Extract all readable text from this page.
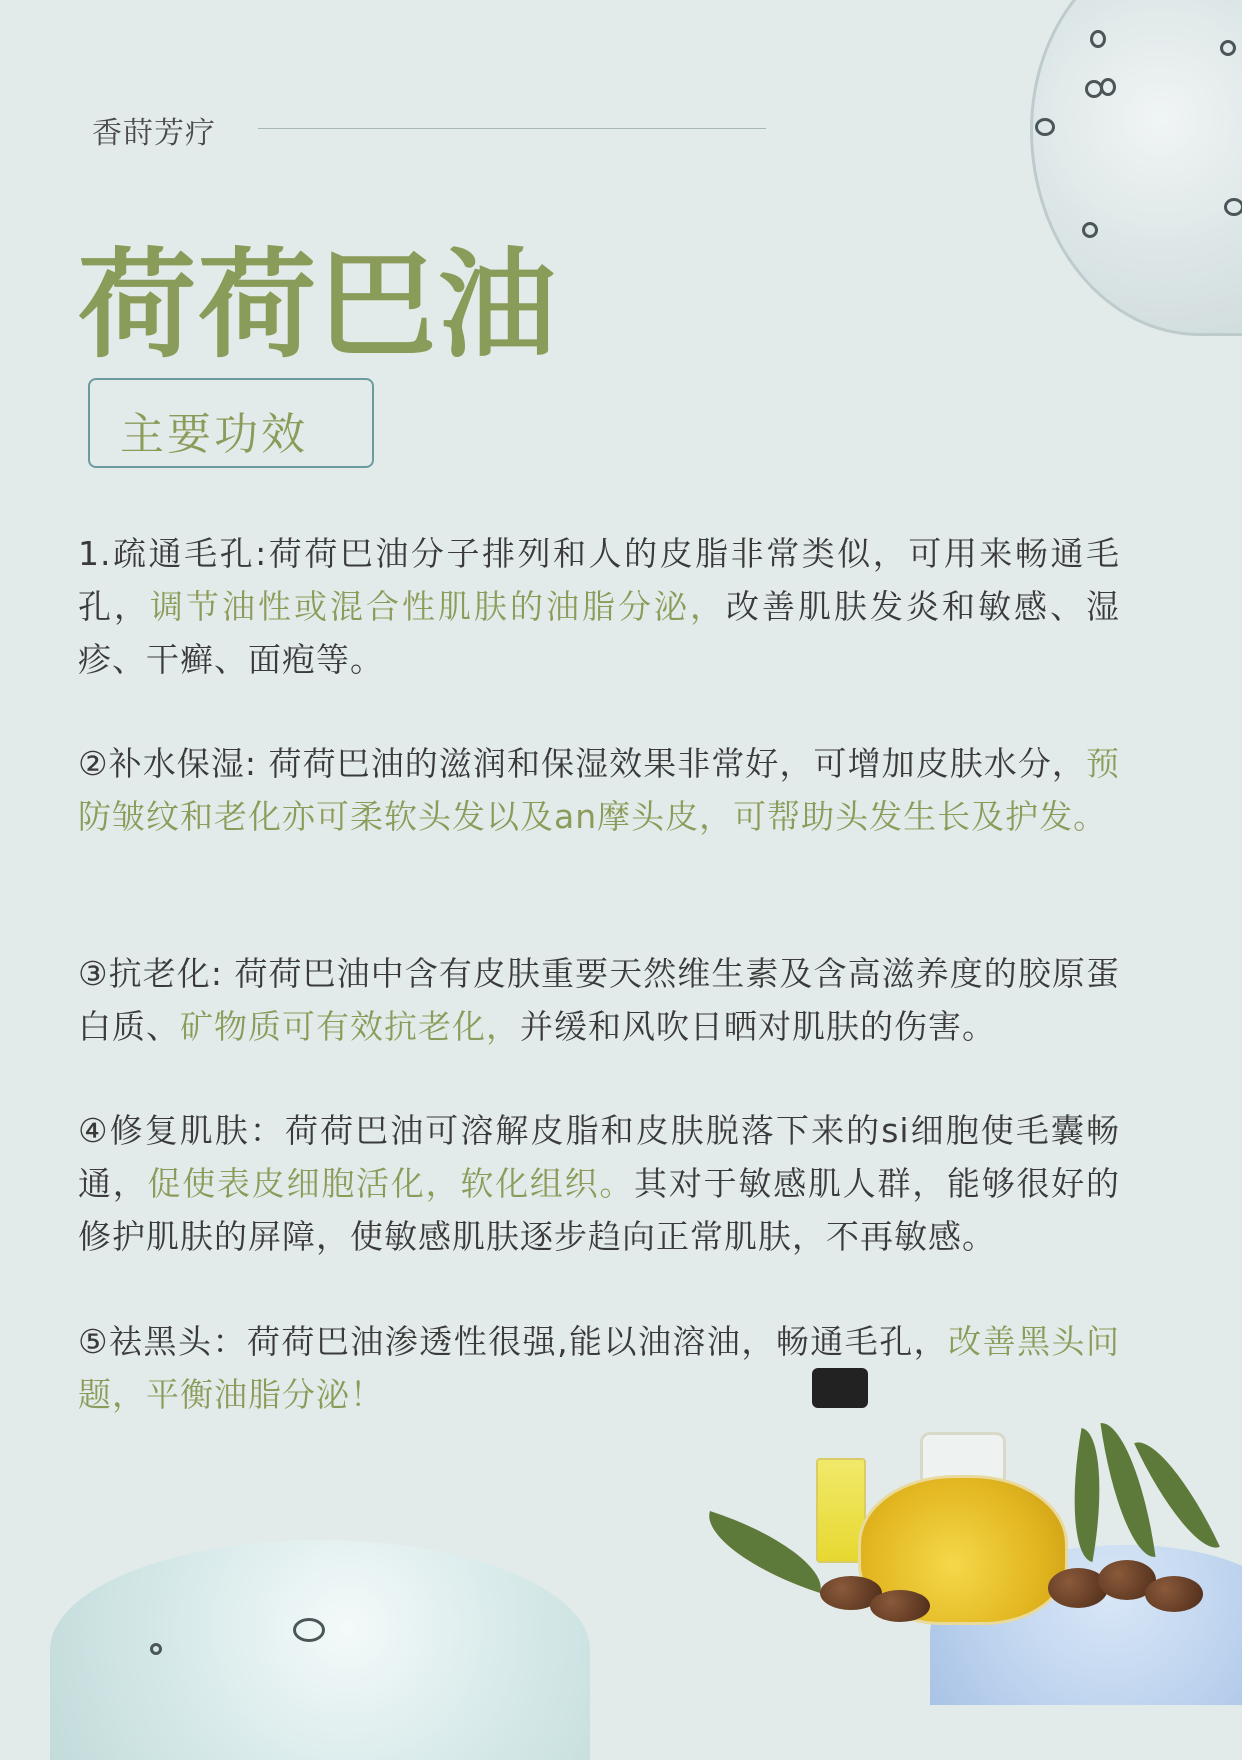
香莳芳疗
荷荷巴油
主要功效
1.疏通毛孔:荷荷巴油分子排列和人的皮脂非常类似，可用来畅通毛孔，调节油性或混合性肌肤的油脂分泌，改善肌肤发炎和敏感、湿疹、干癣、面疱等。
②补水保湿: 荷荷巴油的滋润和保湿效果非常好，可增加皮肤水分，预防皱纹和老化亦可柔软头发以及an摩头皮，可帮助头发生长及护发。
③抗老化: 荷荷巴油中含有皮肤重要天然维生素及含高滋养度的胶原蛋白质、矿物质可有效抗老化，并缓和风吹日晒对肌肤的伤害。
④修复肌肤：荷荷巴油可溶解皮脂和皮肤脱落下来的si细胞使毛囊畅通，促使表皮细胞活化，软化组织。其对于敏感肌人群，能够很好的修护肌肤的屏障，使敏感肌肤逐步趋向正常肌肤，不再敏感。
⑤祛黑头：荷荷巴油渗透性很强,能以油溶油，畅通毛孔，改善黑头问题，平衡油脂分泌！
